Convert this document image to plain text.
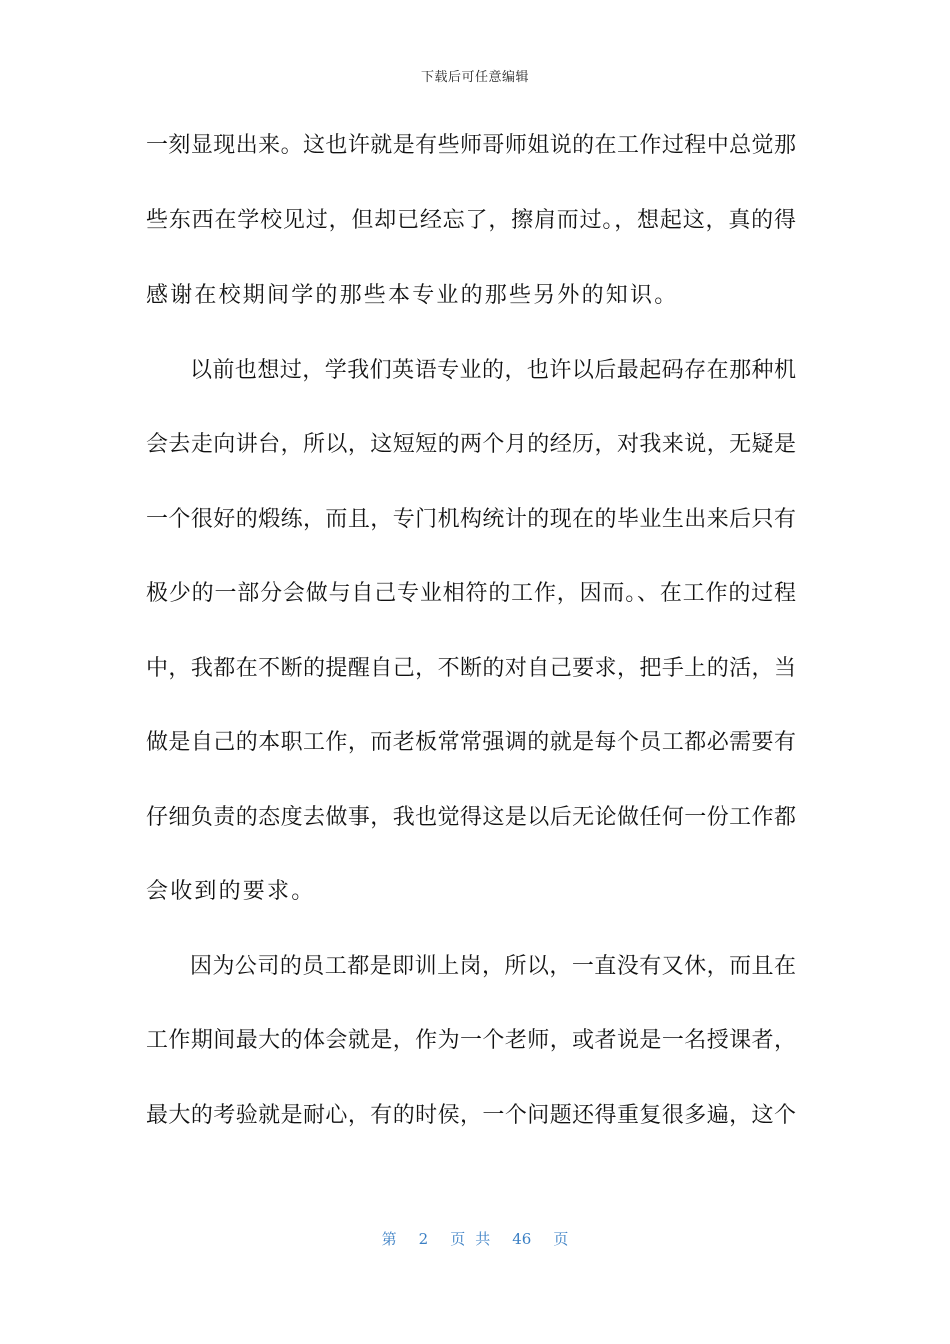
下载后可任意编辑
一刻显现出来。这也许就是有些师哥师姐说的在工作过程中总觉那
些东西在学校见过，但却已经忘了，擦肩而过。，想起这，真的得
感谢在校期间学的那些本专业的那些另外的知识。
以前也想过，学我们英语专业的，也许以后最起码存在那种机
会去走向讲台，所以，这短短的两个月的经历，对我来说，无疑是
一个很好的煅练，而且，专门机构统计的现在的毕业生出来后只有
极少的一部分会做与自己专业相符的工作，因而。、在工作的过程
中，我都在不断的提醒自己，不断的对自己要求，把手上的活，当
做是自己的本职工作，而老板常常强调的就是每个员工都必需要有
仔细负责的态度去做事，我也觉得这是以后无论做任何一份工作都
会收到的要求。
因为公司的员工都是即训上岗，所以，一直没有又休，而且在
工作期间最大的体会就是，作为一个老师，或者说是一名授课者，
最大的考验就是耐心，有的时侯，一个问题还得重复很多遍，这个
第 2 页共 46 页
